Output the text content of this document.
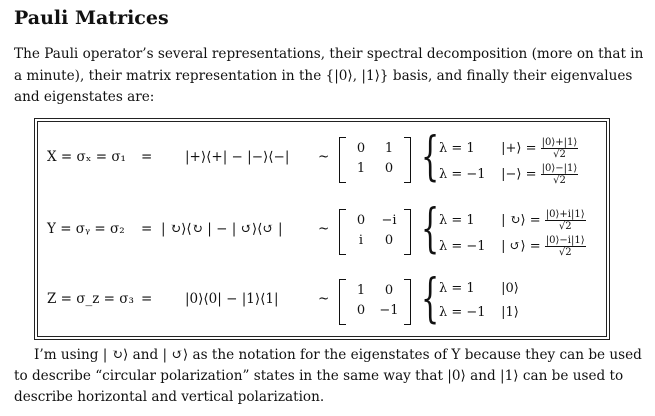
Pauli Matrices
The Pauli operator’s several representations, their spectral decomposition (more on that in a minute), their matrix representation in the {|0⟩, |1⟩} basis, and finally their eigenvalues and eigenstates are:
X = σₓ = σ₁ = |+⟩⟨+| − |−⟩⟨−| ~
0	1
1	0 { λ = 1 |+⟩ = $\frac{|0⟩+|1⟩}{√2}$
λ = −1 |−⟩ = $\frac{|0⟩-|1⟩}{√2}$
Y = σᵧ = σ₂ = | ↻⟩⟨↻ | − | ↺⟩⟨↺ |	~
0	−i
i	0 { λ = 1 | ↻⟩ = $\frac{|0⟩+i|1⟩}{√2}$
λ = −1 | ↺⟩ = $\frac{|0⟩-i|1⟩}{√2}$
Z = σ_z = σ₃ = |0⟩⟨0| − |1⟩⟨1|	~
1	0
0	−1 { λ = 1 |0⟩
λ = −1 |1⟩
I’m using | ↻⟩ and | ↺⟩ as the notation for the eigenstates of Y because they can be used to describe “circular polarization” states in the same way that |0⟩ and |1⟩ can be used to describe horizontal and vertical polarization.
